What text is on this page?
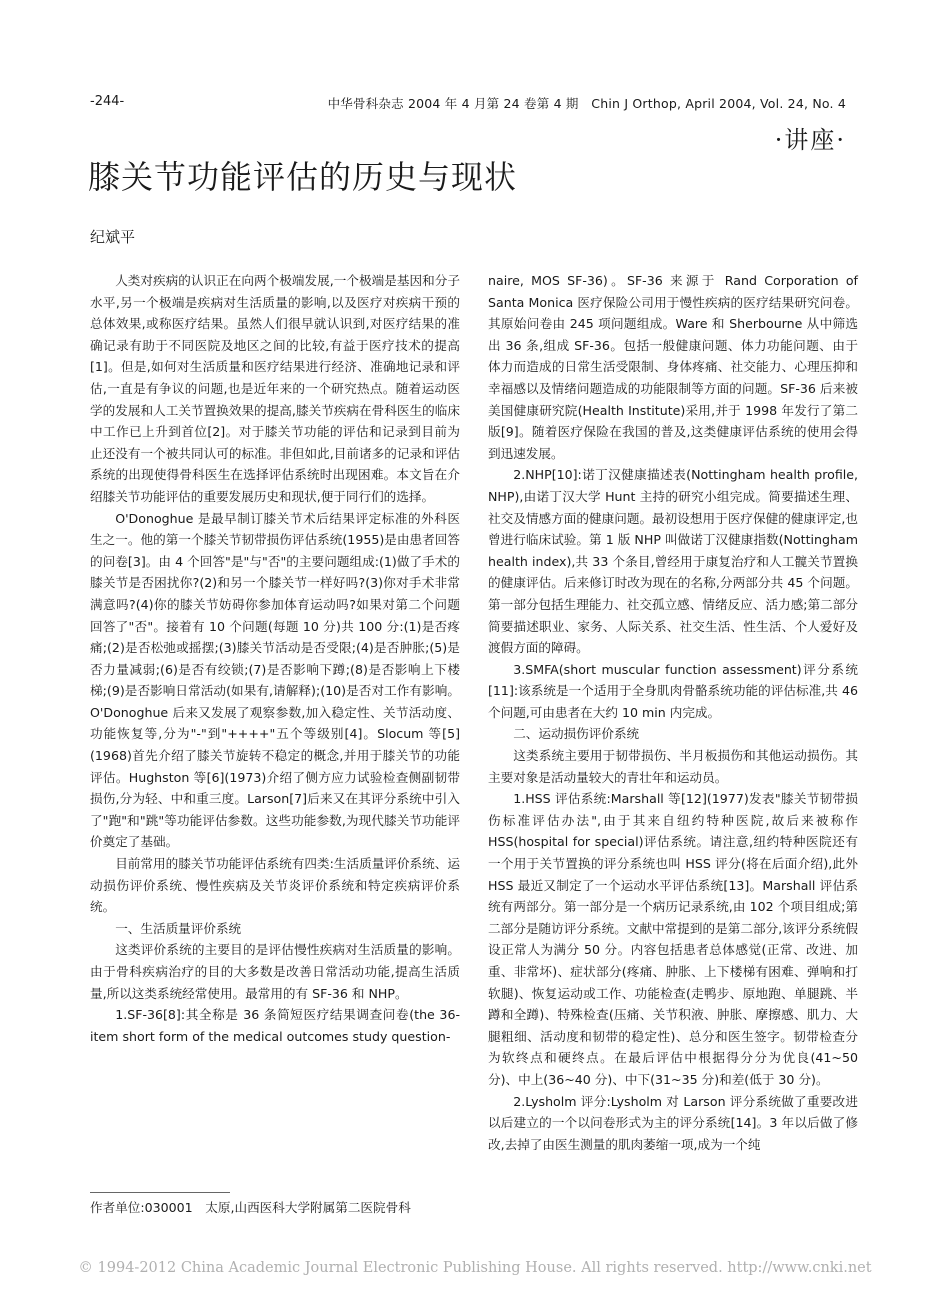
-244-	中华骨科杂志 2004 年 4 月第 24 卷第 4 期　Chin J Orthop, April 2004, Vol. 24, No. 4
·讲座·
膝关节功能评估的历史与现状
纪斌平

人类对疾病的认识正在向两个极端发展,一个极端是基因和分子水平,另一个极端是疾病对生活质量的影响,以及医疗对疾病干预的总体效果,或称医疗结果。虽然人们很早就认识到,对医疗结果的准确记录有助于不同医院及地区之间的比较,有益于医疗技术的提高[1]。但是,如何对生活质量和医疗结果进行经济、准确地记录和评估,一直是有争议的问题,也是近年来的一个研究热点。随着运动医学的发展和人工关节置换效果的提高,膝关节疾病在骨科医生的临床中工作已上升到首位[2]。对于膝关节功能的评估和记录到目前为止还没有一个被共同认可的标准。非但如此,目前诸多的记录和评估系统的出现使得骨科医生在选择评估系统时出现困难。本文旨在介绍膝关节功能评估的重要发展历史和现状,便于同行们的选择。

O'Donoghue 是最早制订膝关节术后结果评定标准的外科医生之一。他的第一个膝关节韧带损伤评估系统(1955)是由患者回答的问卷[3]。由 4 个回答"是"与"否"的主要问题组成:(1)做了手术的膝关节是否困扰你?(2)和另一个膝关节一样好吗?(3)你对手术非常满意吗?(4)你的膝关节妨碍你参加体育运动吗?如果对第二个问题回答了"否"。接着有 10 个问题(每题 10 分)共 100 分:(1)是否疼痛;(2)是否松弛或摇摆;(3)膝关节活动是否受限;(4)是否肿胀;(5)是否力量减弱;(6)是否有绞锁;(7)是否影响下蹲;(8)是否影响上下楼梯;(9)是否影响日常活动(如果有,请解释);(10)是否对工作有影响。O'Donoghue 后来又发展了观察参数,加入稳定性、关节活动度、功能恢复等,分为"-"到"++++"五个等级别[4]。Slocum 等[5](1968)首先介绍了膝关节旋转不稳定的概念,并用于膝关节的功能评估。Hughston 等[6](1973)介绍了侧方应力试验检查侧副韧带损伤,分为轻、中和重三度。Larson[7]后来又在其评分系统中引入了"跑"和"跳"等功能评估参数。这些功能参数,为现代膝关节功能评价奠定了基础。

目前常用的膝关节功能评估系统有四类:生活质量评价系统、运动损伤评价系统、慢性疾病及关节炎评价系统和特定疾病评价系统。

一、生活质量评价系统

这类评价系统的主要目的是评估慢性疾病对生活质量的影响。由于骨科疾病治疗的目的大多数是改善日常活动功能,提高生活质量,所以这类系统经常使用。最常用的有 SF-36 和 NHP。

1.SF-36[8]:其全称是 36 条简短医疗结果调查问卷(the 36-item short form of the medical outcomes study question-

naire, MOS SF-36)。SF-36 来源于 Rand Corporation of Santa Monica 医疗保险公司用于慢性疾病的医疗结果研究问卷。其原始问卷由 245 项问题组成。Ware 和 Sherbourne 从中筛选出 36 条,组成 SF-36。包括一般健康问题、体力功能问题、由于体力而造成的日常生活受限制、身体疼痛、社交能力、心理压抑和幸福感以及情绪问题造成的功能限制等方面的问题。SF-36 后来被美国健康研究院(Health Institute)采用,并于 1998 年发行了第二版[9]。随着医疗保险在我国的普及,这类健康评估系统的使用会得到迅速发展。

2.NHP[10]:诺丁汉健康描述表(Nottingham health profile, NHP),由诺丁汉大学 Hunt 主持的研究小组完成。简要描述生理、社交及情感方面的健康问题。最初设想用于医疗保健的健康评定,也曾进行临床试验。第 1 版 NHP 叫做诺丁汉健康指数(Nottingham health index),共 33 个条目,曾经用于康复治疗和人工髋关节置换的健康评估。后来修订时改为现在的名称,分两部分共 45 个问题。第一部分包括生理能力、社交孤立感、情绪反应、活力感;第二部分简要描述职业、家务、人际关系、社交生活、性生活、个人爱好及渡假方面的障碍。

3.SMFA(short muscular function assessment)评分系统[11]:该系统是一个适用于全身肌肉骨骼系统功能的评估标准,共 46 个问题,可由患者在大约 10 min 内完成。

二、运动损伤评价系统

这类系统主要用于韧带损伤、半月板损伤和其他运动损伤。其主要对象是活动量较大的青壮年和运动员。

1.HSS 评估系统:Marshall 等[12](1977)发表"膝关节韧带损伤标准评估办法",由于其来自纽约特种医院,故后来被称作 HSS(hospital for special)评估系统。请注意,纽约特种医院还有一个用于关节置换的评分系统也叫 HSS 评分(将在后面介绍),此外 HSS 最近又制定了一个运动水平评估系统[13]。Marshall 评估系统有两部分。第一部分是一个病历记录系统,由 102 个项目组成;第二部分是随访评分系统。文献中常提到的是第二部分,该评分系统假设正常人为满分 50 分。内容包括患者总体感觉(正常、改进、加重、非常坏)、症状部分(疼痛、肿胀、上下楼梯有困难、弹响和打软腿)、恢复运动或工作、功能检查(走鸭步、原地跑、单腿跳、半蹲和全蹲)、特殊检查(压痛、关节积液、肿胀、摩擦感、肌力、大腿粗细、活动度和韧带的稳定性)、总分和医生签字。韧带检查分为软终点和硬终点。在最后评估中根据得分分为优良(41~50 分)、中上(36~40 分)、中下(31~35 分)和差(低于 30 分)。

2.Lysholm 评分:Lysholm 对 Larson 评分系统做了重要改进以后建立的一个以问卷形式为主的评分系统[14]。3 年以后做了修改,去掉了由医生测量的肌肉萎缩一项,成为一个纯

作者单位:030001　太原,山西医科大学附属第二医院骨科
© 1994-2012 China Academic Journal Electronic Publishing House. All rights reserved. http://www.cnki.net
